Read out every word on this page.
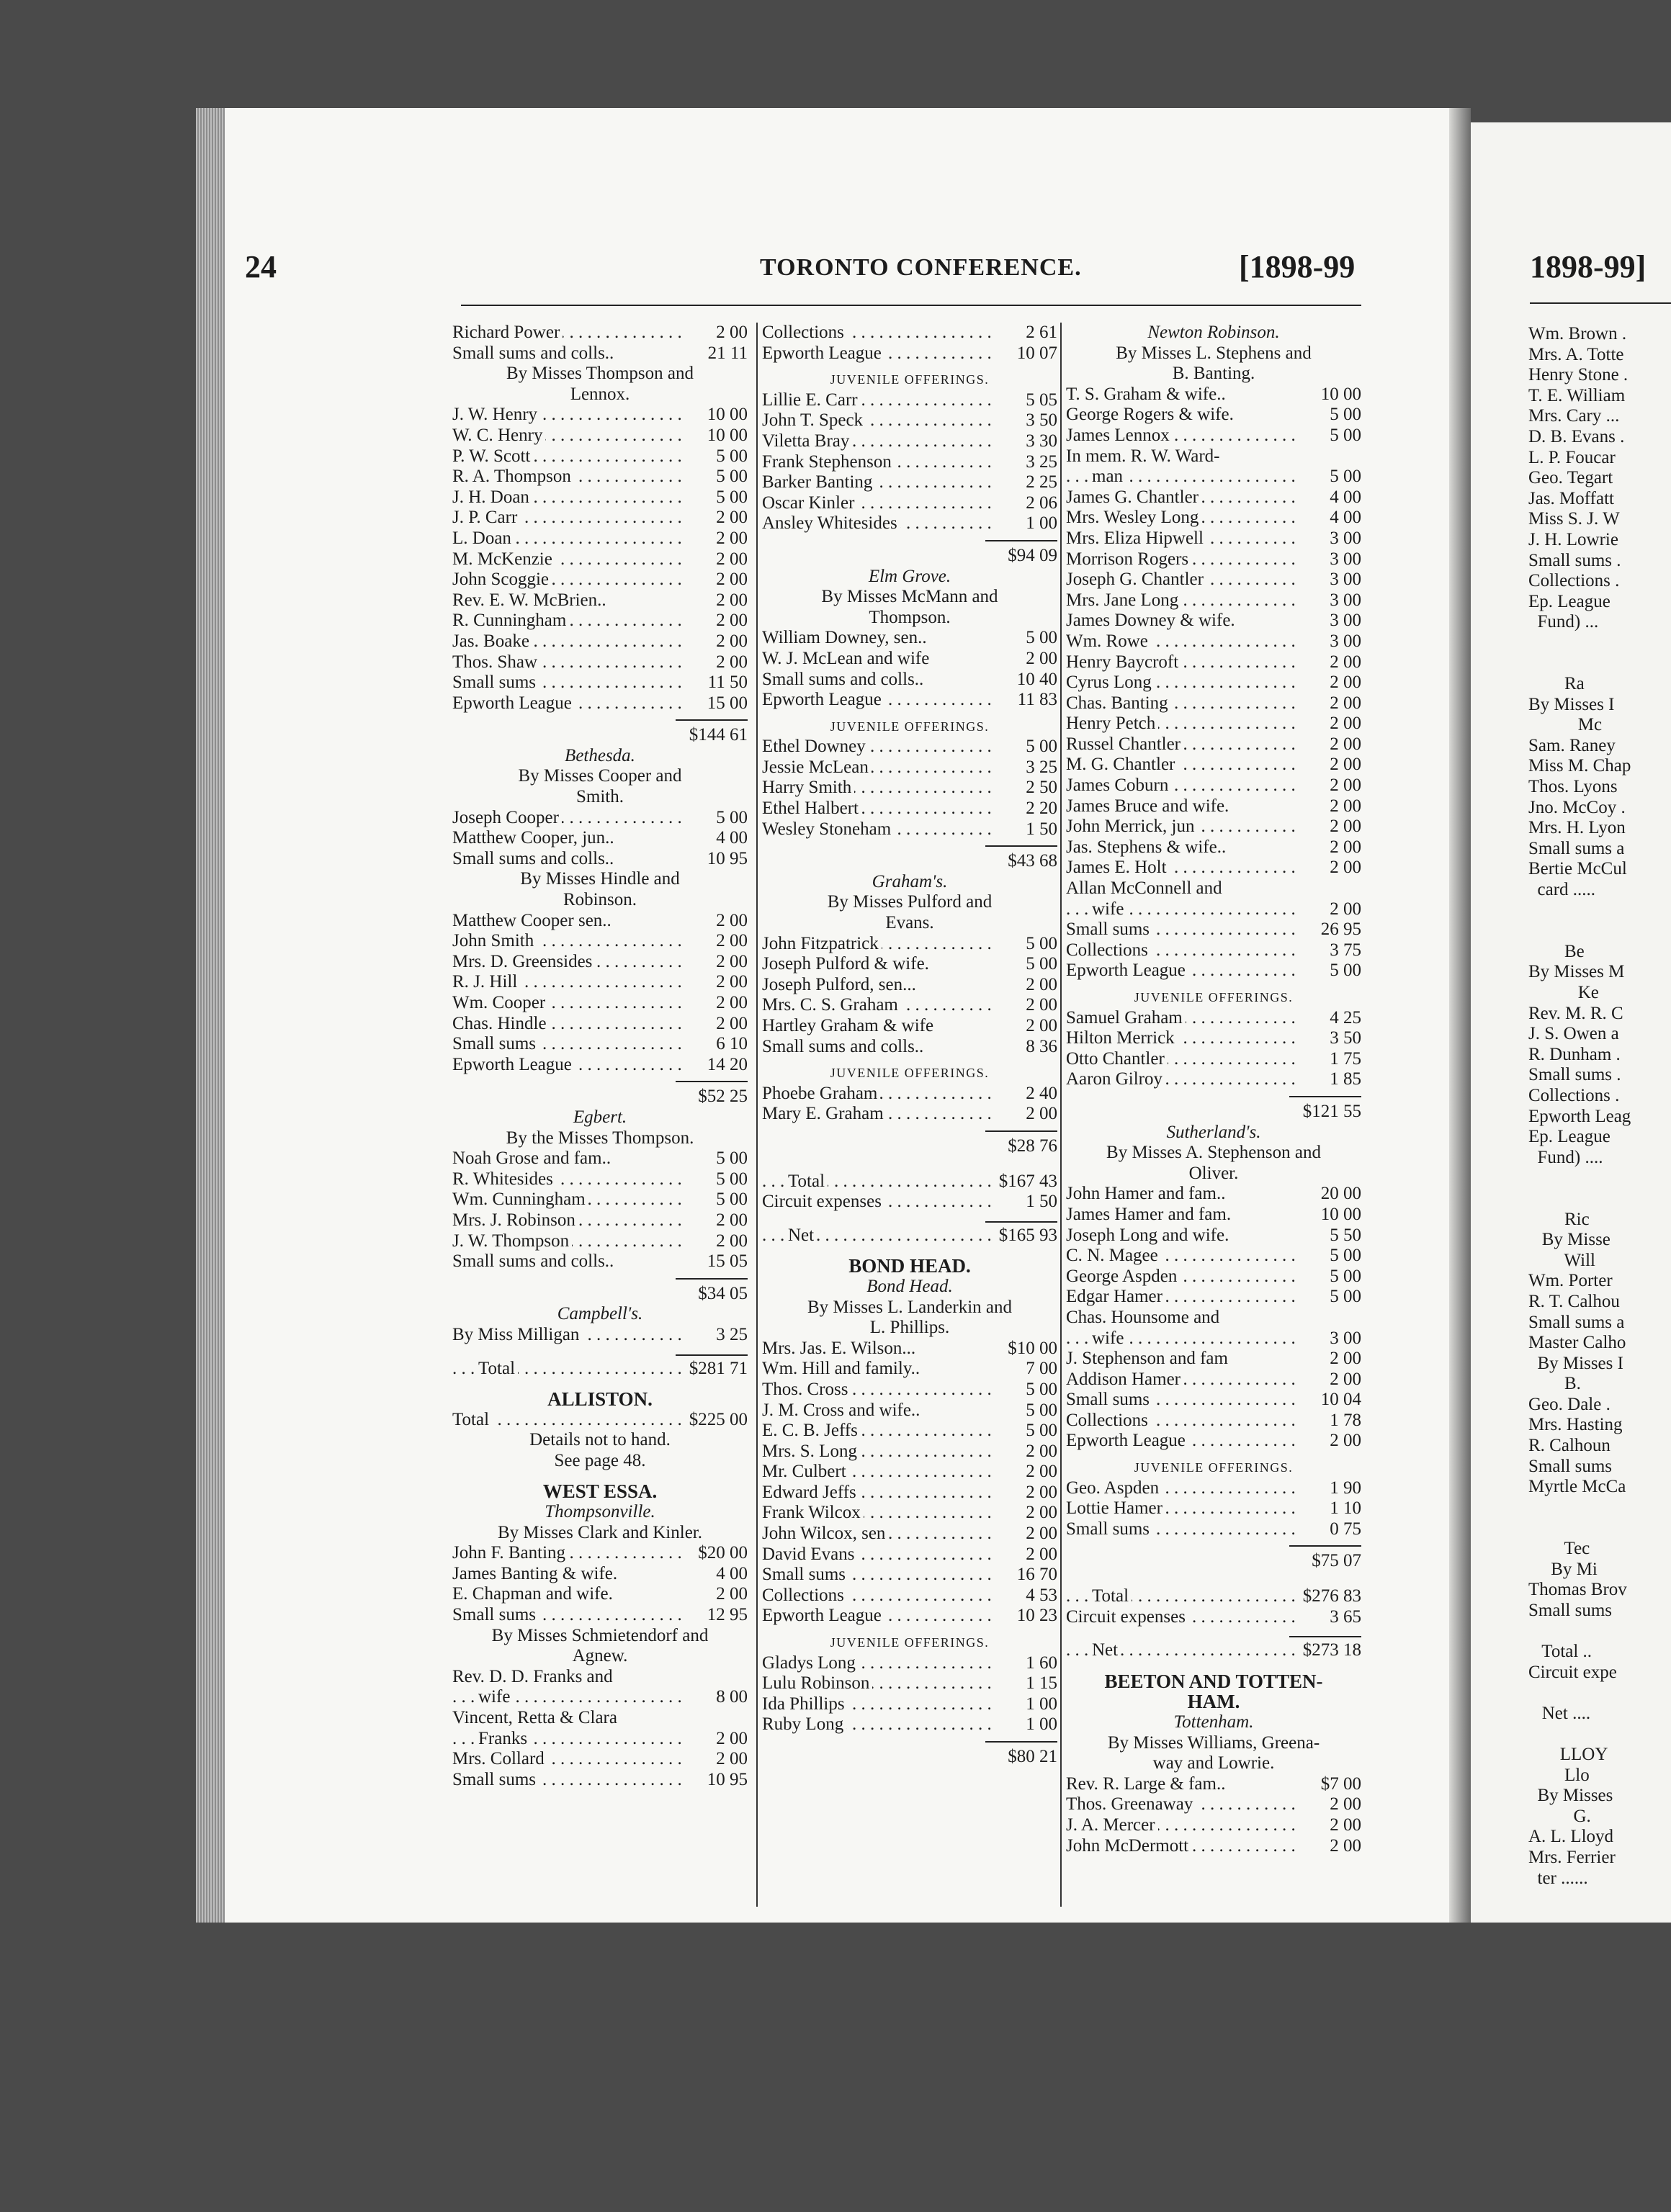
24	TORONTO CONFERENCE.	[1898-99
Richard Power . . .	2 00
Small sums and colls..	21 11
By Misses Thompson and
Lennox.
J. W. Henry . . .	10 00
W. C. Henry . . .	10 00
P. W. Scott . . .	5 00
R. A. Thompson . . .	5 00
J. H. Doan . . .	5 00
J. P. Carr . . .	2 00
L. Doan . . .	2 00
M. McKenzie . . .	2 00
John Scoggie . . .	2 00
Rev. E. W. McBrien..	2 00
R. Cunningham . . .	2 00
Jas. Boake . . .	2 00
Thos. Shaw . . .	2 00
Small sums . . .	11 50
Epworth League . . .	15 00
$144 61
Bethesda.
By Misses Cooper and
Smith.
Joseph Cooper . . .	5 00
Matthew Cooper, jun..	4 00
Small sums and colls..	10 95
By Misses Hindle and
Robinson.
Matthew Cooper sen..	2 00
John Smith . . .	2 00
Mrs. D. Greensides . . .	2 00
R. J. Hill . . .	2 00
Wm. Cooper . . .	2 00
Chas. Hindle . . .	2 00
Small sums . . .	6 10
Epworth League . . .	14 20
$52 25
Egbert.
By the Misses Thompson.
Noah Grose and fam..	5 00
R. Whitesides . . .	5 00
Wm. Cunningham . . .	5 00
Mrs. J. Robinson . . .	2 00
J. W. Thompson . . .	2 00
Small sums and colls..	15 05
$34 05
Campbell's.
By Miss Milligan . . .	3 25

Total . . .	$281 71
ALLISTON.
Total . . .	$225 00
Details not to hand.
See page 48.
WEST ESSA.
Thompsonville.
By Misses Clark and Kinler.
John F. Banting . . .	$20 00
James Banting & wife.	4 00
E. Chapman and wife.	2 00
Small sums . . .	12 95
By Misses Schmietendorf and
Agnew.
Rev. D. D. Franks and
wife . . .	8 00
Vincent, Retta & Clara
Franks . . .	2 00
Mrs. Collard . . .	2 00
Small sums . . .	10 95
Collections . . .	2 61
Epworth League . . .	10 07
JUVENILE OFFERINGS.
Lillie E. Carr . . .	5 05
John T. Speck . . .	3 50
Viletta Bray . . .	3 30
Frank Stephenson . . .	3 25
Barker Banting . . .	2 25
Oscar Kinler . . .	2 06
Ansley Whitesides . . .	1 00
$94 09
Elm Grove.
By Misses McMann and
Thompson.
William Downey, sen..	5 00
W. J. McLean and wife	2 00
Small sums and colls..	10 40
Epworth League . . .	11 83
JUVENILE OFFERINGS.
Ethel Downey . . .	5 00
Jessie McLean . . .	3 25
Harry Smith . . .	2 50
Ethel Halbert . . .	2 20
Wesley Stoneham . . .	1 50
$43 68
Graham's.
By Misses Pulford and
Evans.
John Fitzpatrick . . .	5 00
Joseph Pulford & wife.	5 00
Joseph Pulford, sen...	2 00
Mrs. C. S. Graham . . .	2 00
Hartley Graham & wife	2 00
Small sums and colls..	8 36
JUVENILE OFFERINGS.
Phoebe Graham . . .	2 40
Mary E. Graham . . .	2 00
$28 76
Total . . .	$167 43
Circuit expenses . . .	1 50

Net . . .	$165 93
BOND HEAD.
Bond Head.
By Misses L. Landerkin and
L. Phillips.
Mrs. Jas. E. Wilson...	$10 00
Wm. Hill and family..	7 00
Thos. Cross . . .	5 00
J. M. Cross and wife..	5 00
E. C. B. Jeffs . . .	5 00
Mrs. S. Long . . .	2 00
Mr. Culbert . . .	2 00
Edward Jeffs . . .	2 00
Frank Wilcox . . .	2 00
John Wilcox, sen . . .	2 00
David Evans . . .	2 00
Small sums . . .	16 70
Collections . . .	4 53
Epworth League . . .	10 23
JUVENILE OFFERINGS.
Gladys Long . . .	1 60
Lulu Robinson . . .	1 15
Ida Phillips . . .	1 00
Ruby Long . . .	1 00
$80 21
Newton Robinson.
By Misses L. Stephens and
B. Banting.
T. S. Graham & wife..	10 00
George Rogers & wife.	5 00
James Lennox . . .	5 00
In mem. R. W. Ward-
man . . .	5 00
James G. Chantler . . .	4 00
Mrs. Wesley Long . . .	4 00
Mrs. Eliza Hipwell . . .	3 00
Morrison Rogers . . .	3 00
Joseph G. Chantler . . .	3 00
Mrs. Jane Long . . .	3 00
James Downey & wife.	3 00
Wm. Rowe . . .	3 00
Henry Baycroft . . .	2 00
Cyrus Long . . .	2 00
Chas. Banting . . .	2 00
Henry Petch . . .	2 00
Russel Chantler . . .	2 00
M. G. Chantler . . .	2 00
James Coburn . . .	2 00
James Bruce and wife.	2 00
John Merrick, jun . . .	2 00
Jas. Stephens & wife..	2 00
James E. Holt . . .	2 00
Allan McConnell and
wife . . .	2 00
Small sums . . .	26 95
Collections . . .	3 75
Epworth League . . .	5 00
JUVENILE OFFERINGS.
Samuel Graham . . .	4 25
Hilton Merrick . . .	3 50
Otto Chantler . . .	1 75
Aaron Gilroy . . .	1 85
$121 55
Sutherland's.
By Misses A. Stephenson and
Oliver.
John Hamer and fam..	20 00
James Hamer and fam.	10 00
Joseph Long and wife.	5 50
C. N. Magee . . .	5 00
George Aspden . . .	5 00
Edgar Hamer . . .	5 00
Chas. Hounsome and
wife . . .	3 00
J. Stephenson and fam	2 00
Addison Hamer . . .	2 00
Small sums . . .	10 04
Collections . . .	1 78
Epworth League . . .	2 00
JUVENILE OFFERINGS.
Geo. Aspden . . .	1 90
Lottie Hamer . . .	1 10
Small sums . . .	0 75
$75 07
Total . . .	$276 83
Circuit expenses . . .	3 65

Net . . .	$273 18
BEETON AND TOTTEN-
HAM.
Tottenham.
By Misses Williams, Greena-
way and Lowrie.
Rev. R. Large & fam..	$7 00
Thos. Greenaway . . .	2 00
J. A. Mercer . . .	2 00
John McDermott . . .	2 00
1898-99]
Wm. Brown .
Mrs. A. Totte
Henry Stone .
T. E. William
Mrs. Cary ...
D. B. Evans .
L. P. Foucar
Geo. Tegart
Jas. Moffatt
Miss S. J. W
J. H. Lowrie
Small sums .
Collections .
Ep. League
Fund) ...

Ra
By Misses I
Mc
Sam. Raney
Miss M. Chap
Thos. Lyons
Jno. McCoy .
Mrs. H. Lyon
Small sums a
Bertie McCul
card .....

Be
By Misses M
Ke
Rev. M. R. C
J. S. Owen a
R. Dunham .
Small sums .
Collections .
Epworth Leag
Ep. League
Fund) ....

Ric
By Misse
Will
Wm. Porter
R. T. Calhou
Small sums a
Master Calho
By Misses I
B.
Geo. Dale .
Mrs. Hasting
R. Calhoun
Small sums
Myrtle McCa

Tec
By Mi
Thomas Brov
Small sums

Total ..
Circuit expe

Net ....

LLOY
Llo
By Misses
G.
A. L. Lloyd
Mrs. Ferrier
ter ......
